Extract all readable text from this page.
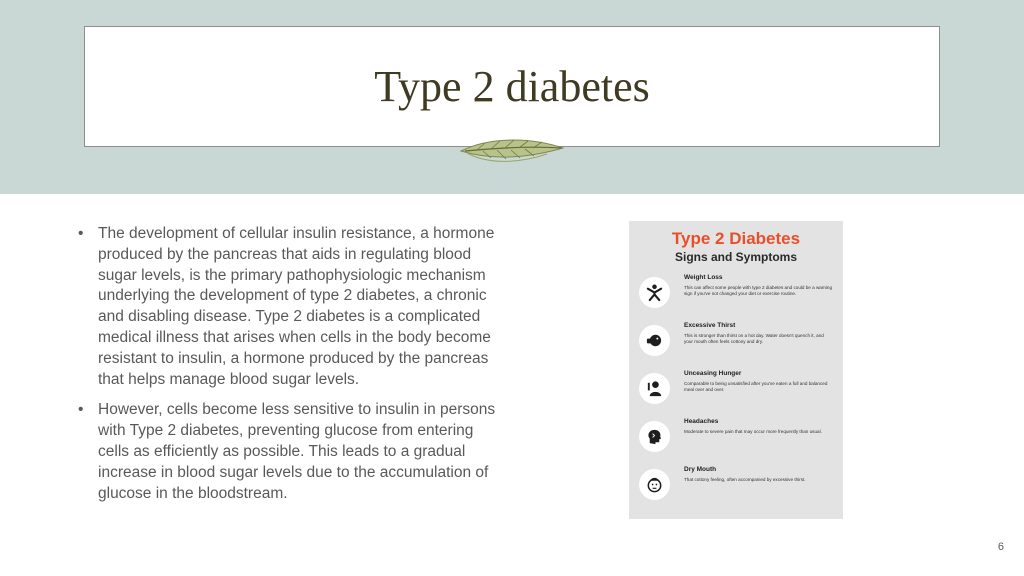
Type 2 diabetes
• The development of cellular insulin resistance, a hormone produced by the pancreas that aids in regulating blood sugar levels, is the primary pathophysiologic mechanism underlying the development of type 2 diabetes, a chronic and disabling disease. Type 2 diabetes is a complicated medical illness that arises when cells in the body become resistant to insulin, a hormone produced by the pancreas that helps manage blood sugar levels.
• However, cells become less sensitive to insulin in persons with Type 2 diabetes, preventing glucose from entering cells as efficiently as possible. This leads to a gradual increase in blood sugar levels due to the accumulation of glucose in the bloodstream.
Type 2 Diabetes
Signs and Symptoms
Weight Loss
This can affect some people with type 2 diabetes and could be a warning sign if you've not changed your diet or exercise routine.
Excessive Thirst
This is stronger than thirst on a hot day. Water doesn't quench it, and your mouth often feels cottony and dry.
Unceasing Hunger
Comparable to being unsatisfied after you've eaten a full and balanced meal over and over.
Headaches
Moderate to severe pain that may occur more frequently than usual.
Dry Mouth
That cottony feeling, often accompanied by excessive thirst.
6
